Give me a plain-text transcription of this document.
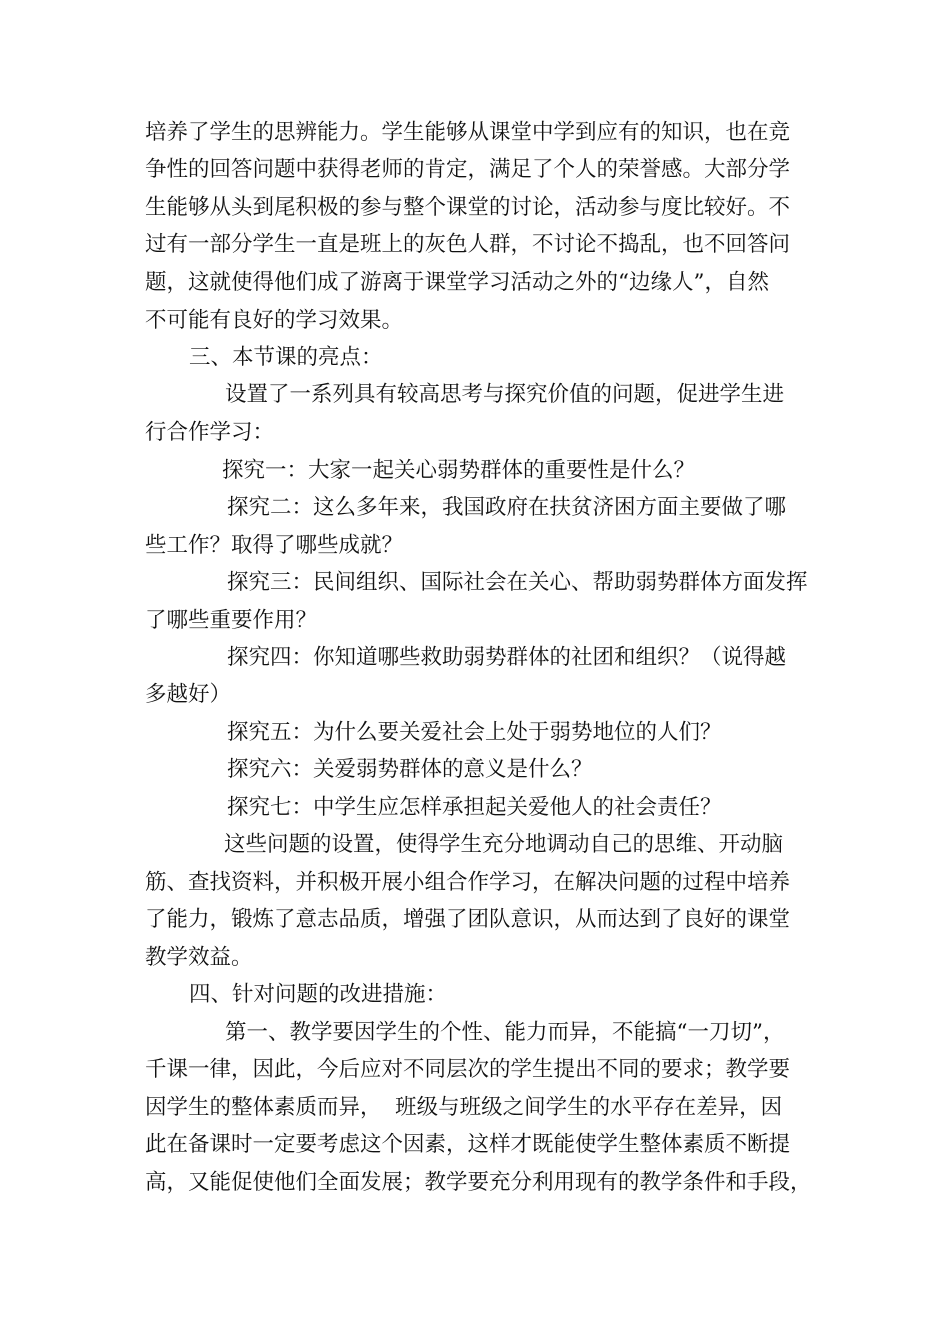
培养了学生的思辨能力。学生能够从课堂中学到应有的知识，也在竞
争性的回答问题中获得老师的肯定，满足了个人的荣誉感。大部分学
生能够从头到尾积极的参与整个课堂的讨论，活动参与度比较好。不
过有一部分学生一直是班上的灰色人群，不讨论不捣乱，也不回答问
题，这就使得他们成了游离于课堂学习活动之外的“边缘人”，自然
不可能有良好的学习效果。
三、本节课的亮点：
设置了一系列具有较高思考与探究价值的问题，促进学生进
行合作学习：
探究一：大家一起关心弱势群体的重要性是什么？
探究二：这么多年来，我国政府在扶贫济困方面主要做了哪
些工作？取得了哪些成就？
探究三：民间组织、国际社会在关心、帮助弱势群体方面发挥
了哪些重要作用？
探究四：你知道哪些救助弱势群体的社团和组织？（说得越
多越好）
探究五：为什么要关爱社会上处于弱势地位的人们？
探究六：关爱弱势群体的意义是什么？
探究七：中学生应怎样承担起关爱他人的社会责任？
这些问题的设置，使得学生充分地调动自己的思维、开动脑
筋、查找资料，并积极开展小组合作学习，在解决问题的过程中培养
了能力，锻炼了意志品质，增强了团队意识，从而达到了良好的课堂
教学效益。
四、针对问题的改进措施：
第一、教学要因学生的个性、能力而异，不能搞“一刀切”，
千课一律，因此，今后应对不同层次的学生提出不同的要求；教学要
因学生的整体素质而异，  班级与班级之间学生的水平存在差异，因
此在备课时一定要考虑这个因素，这样才既能使学生整体素质不断提
高，又能促使他们全面发展；教学要充分利用现有的教学条件和手段，
